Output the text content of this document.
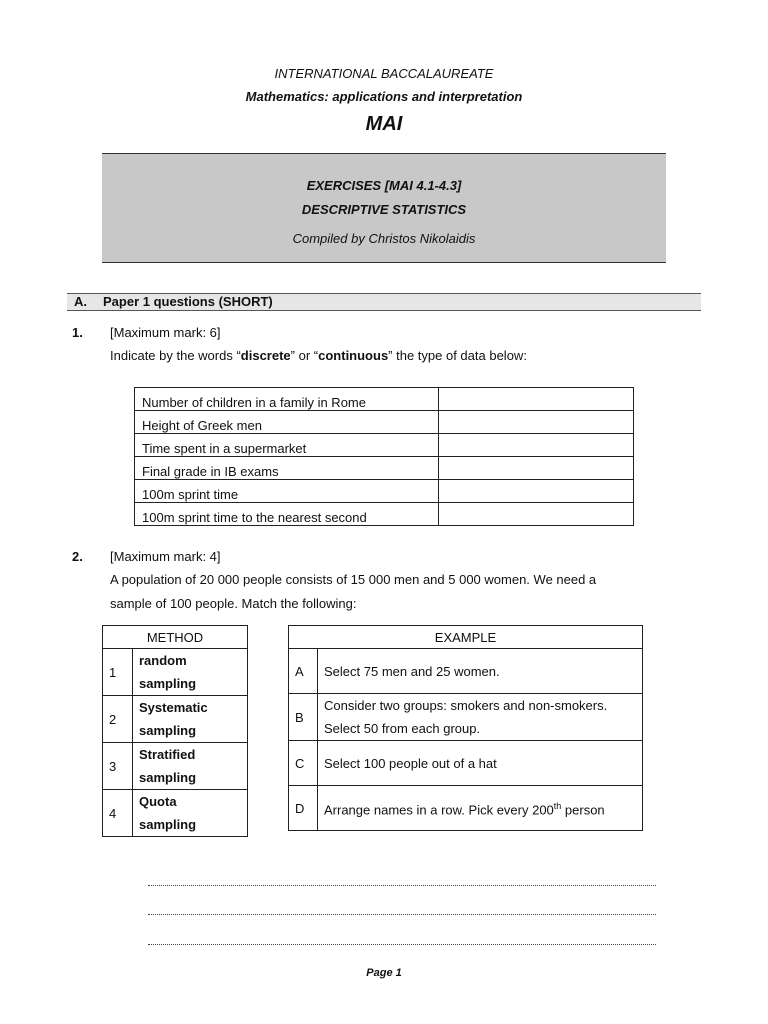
INTERNATIONAL BACCALAUREATE
Mathematics: applications and interpretation
MAI
EXERCISES [MAI 4.1-4.3]
DESCRIPTIVE STATISTICS
Compiled by Christos Nikolaidis
A. Paper 1 questions (SHORT)
1. [Maximum mark: 6]
Indicate by the words “discrete” or “continuous” the type of data below:
Number of children in a family in Rome	
Height of Greek men	
Time spent in a supermarket	
Final grade in IB exams	
100m sprint time	
100m sprint time to the nearest second	
2. [Maximum mark: 4]
A population of 20 000 people consists of 15 000 men and 5 000 women. We need a
sample of 100 people. Match the following:
METHOD	
1	random
sampling

2	Systematic
sampling

3	Stratified
sampling

4	Quota
sampling
EXAMPLE	
A	Select 75 men and 25 women.

B	Consider two groups: smokers and non-smokers.
Select 50 from each group.

C	Select 100 people out of a hat

D	Arrange names in a row. Pick every 200th person
Page 1
